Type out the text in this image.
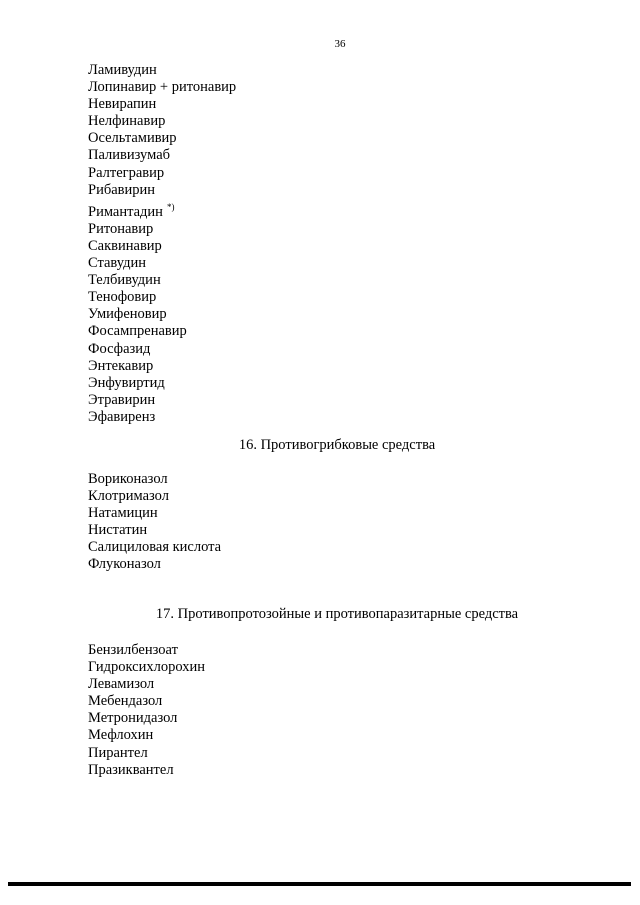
36
Ламивудин
Лопинавир + ритонавир
Невирапин
Нелфинавир
Осельтамивир
Паливизумаб
Ралтегравир
Рибавирин
Римантадин *)
Ритонавир
Саквинавир
Ставудин
Телбивудин
Тенофовир
Умифеновир
Фосампренавир
Фосфазид
Энтекавир
Энфувиртид
Этравирин
Эфавиренз
16. Противогрибковые средства
Вориконазол
Клотримазол
Натамицин
Нистатин
Салициловая кислота
Флуконазол
17. Противопротозойные и противопаразитарные средства
Бензилбензоат
Гидроксихлорохин
Левамизол
Мебендазол
Метронидазол
Мефлохин
Пирантел
Празиквантел
